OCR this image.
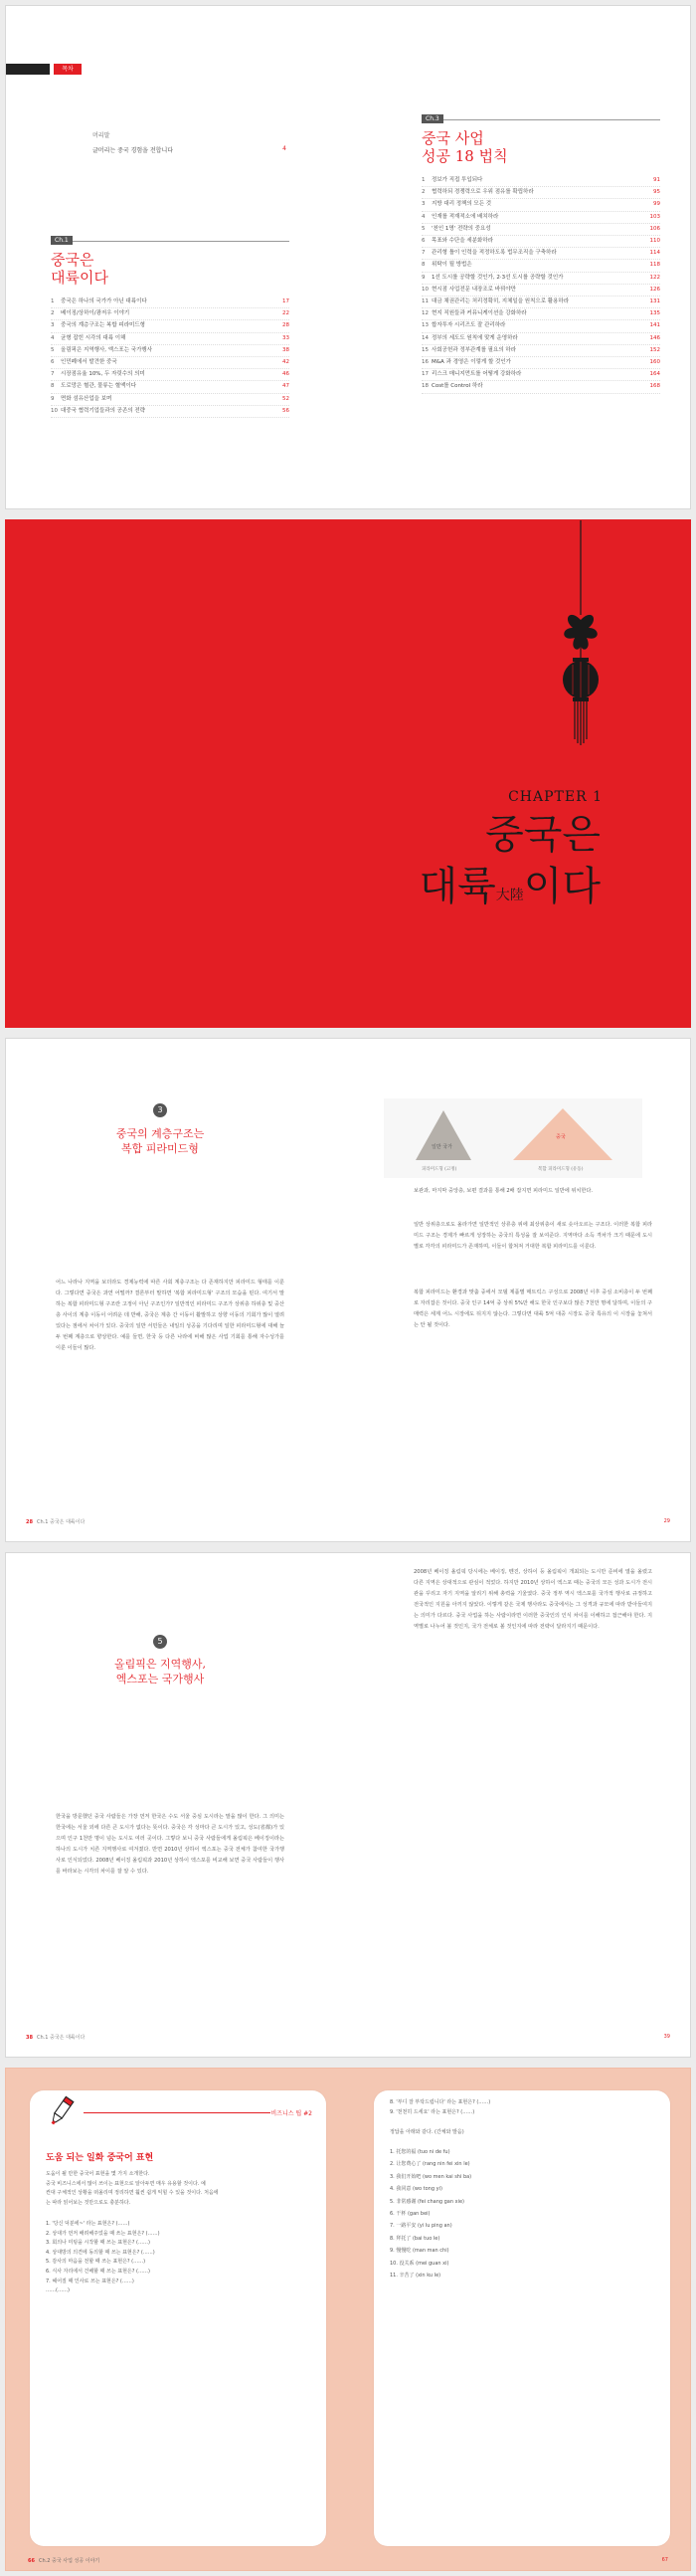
목차
머리말
글머리는 중국 경험을 전합니다	4
Ch.1
중국은
대륙이다
1	중국은 하나의 국가가 아닌 대륙이다	17
2	베이징/상하이/광저우 이야기	22
3	중국의 계층구조는 복합 피라미드형	28
4	균형 잡힌 시각의 대륙 이해	33
5	올림픽은 지역행사, 엑스포는 국가행사	38
6	인민폐에서 발견한 중국	42
7	시장점유율 10%, 두 자릿수의 의미	46
8	도로망은 혈관, 물류는 혈액이다	47
9	면화 섬유산업을 보며	52
10 대중국 협력기업들과의 공존의 전략	56
Ch.3
중국 사업
성공 18 법칙
1	정보가 직접 투입되다	91
2	협력하되 경쟁력으로 우위 점유를 확립하라	95
3	지방 대리 정책의 모든 것	99
4	인재를 적재적소에 배치하라	103
5	'천인 1명' 전략의 중요성	106
6	목표와 수단을 세분화하라	110
7	관리형 틀이 인력을 적정하도록 법무조직을 구축하라	114
8	위탁이 될 방법은	118
9	1선 도시를 공략할 것인가, 2·3선 도시를 공략할 것인가	122
10 현시점 사업전문 내장조로 바꿔야만	126
11 대금 채권관리는 처리정확히, 지체일을 원칙으로 활용하라	131
12 현지 직원들과 커뮤니케이션을 강화하라	135
13 합자투자 시리즈도 잘 관리하라	141
14 정부의 세도도 원칙에 맞게 운영하라	146
15 사회공헌과 정부관계를 필요의 하라	152
16 M&A 과 경영은 이렇게 할 것인가	160
17 리스크 매니지먼트를 어떻게 강화하라	164
18 Cost를 Control 하라	168
CHAPTER 1
중국은
대륙大陸이다
3
중국의 계층구조는
복합 피라미드형	일반 국가
중국
피라미드형 (고정)	복합 피라미드형 (유동)
어느 나라나 지역을 보더라도 경제능력에 따른 사회 계층구조는 다 존재하지만 피라미드 형태를 이룬다. 그렇다면 중국은 과연 어떨까? 결론부터 말하면 '복합 피라미드형' 구조의 모습을 띤다. 여기서 말하는 복합 피라미드형 구조란 고정이 아닌 구조인가? 일반적인 피라미드 구조가 상위층 하위층 및 중산층 사이의 계층 이동이 어려운 데 반해, 중국은 계층 간 이동이 활발하고 상향 이동의 기회가 많이 열려 있다는 점에서 차이가 있다. 중국의 일반 서민들은 내일의 성공을 기다리며 일한 피라미드형에 대해 늘 두 번째 계층으로 향상한다. 예를 들면, 한국 등 다른 나라에 비해 많은 사업 기회를 통해 자수성가를 이룬 이들이 많다.
보관과, 마지막 중앙층, 보편 결과를 통해 2배 잡지면 피라미드 일반에 위치한다.
일반 상위층으로도 올라가면 일반적인 상류층 위에 최상위층이 새로 솟아오르는 구조다. 이러한 복합 피라미드 구조는 경제가 빠르게 성장하는 중국의 특성을 잘 보여준다. 지역마다 소득 격차가 크기 때문에 도시별로 각각의 피라미드가 존재하며, 이들이 합쳐져 거대한 복합 피라미드를 이룬다.
복합 피라미드는 환경과 맞춤 중에서 모델 제품별 매트릭스 구성으로 2008년 이후 중심 소비층이 두 번째로 자리잡은 것이다. 중국 인구 14억 중 상위 5%만 해도 한국 인구보다 많은 7천만 명에 달하며, 이들의 구매력은 세계 어느 시장에도 뒤지지 않는다. 그렇다면 대륙 5억 대중 시장도 중국 특유의 이 시장을 놓쳐서는 안 될 것이다.
28 Ch.1 중국은 대륙이다	29
5
올림픽은 지역행사,
엑스포는 국가행사
한국을 방문했던 중국 사람들은 가장 먼저 한국은 수도 서울 중심 도시라는 말을 많이 한다. 그 의미는 한국에는 서울 외에 다른 큰 도시가 없다는 뜻이다. 중국은 각 성마다 큰 도시가 있고, 성도(省都)가 있으며 인구 1천만 명이 넘는 도시도 여러 곳이다. 그렇다 보니 중국 사람들에게 올림픽은 베이징이라는 하나의 도시가 치른 지역행사로 여겨졌다. 반면 2010년 상하이 엑스포는 중국 전체가 참여한 국가행사로 인식되었다. 2008년 베이징 올림픽과 2010년 상하이 엑스포를 비교해 보면 중국 사람들이 행사를 바라보는 시각의 차이를 잘 알 수 있다.
2008년 베이징 올림픽 당시에는 베이징, 톈진, 상하이 등 올림픽이 개최되는 도시만 준비에 열을 올렸고 다른 지역은 상대적으로 관심이 적었다. 하지만 2010년 상하이 엑스포 때는 중국의 모든 성과 도시가 전시관을 꾸리고 자기 지역을 알리기 위해 총력을 기울였다. 중국 정부 역시 엑스포를 국가적 행사로 규정하고 전국적인 지원을 아끼지 않았다. 이렇게 같은 국제 행사라도 중국에서는 그 성격과 규모에 따라 받아들여지는 의미가 다르다. 중국 사업을 하는 사람이라면 이러한 중국인의 인식 차이를 이해하고 접근해야 한다. 지역별로 나누어 볼 것인지, 국가 전체로 볼 것인지에 따라 전략이 달라지기 때문이다.
38 Ch.1 중국은 대륙이다	39
비즈니스 팁 #2
도움 되는 일화 중국어 표현
도움이 될 만한 중국어 표현을 몇 가지 소개한다.
중국 비즈니스에서 많이 쓰이는 표현으로 알아두면 매우 유용할 것이다. 예
컨대 구체적인 상황을 떠올리며 정리하면 훨씬 쉽게 익힐 수 있을 것이다. 처음에
는 따라 읽어보는 것만으로도 충분하다.
1. '당신 덕분에~' 라는 표현은? (……)
2. 상대가 먼저 배려해주었을 때 쓰는 표현은? (……)
3. 회의나 미팅을 시작할 때 쓰는 표현은? (……)
4. 상대방의 의견에 동의할 때 쓰는 표현은? (……)
5. 감사의 마음을 전할 때 쓰는 표현은? (……)
6. 식사 자리에서 건배할 때 쓰는 표현은? (……)
7. 헤어질 때 인사로 쓰는 표현은? (……)
……(……)
8. '부디 잘 부탁드립니다' 라는 표현은? (……)
9. '천천히 드세요' 라는 표현은? (……)
정답을 아래와 같다. (간체와 발음)
1. 托您的福 (tuo ni de fu)
2. 让您费心了 (rang nin fei xin le)
3. 我们开始吧 (wo men kai shi ba)
4. 我同意 (wo tong yi)
5. 非常感谢 (fei chang gan xie)
6. 干杯 (gan bei)
7. 一路平安 (yi lu ping an)
8. 拜托了 (bai tuo le)
9. 慢慢吃 (man man chi)
10. 没关系 (mei guan xi)
11. 辛苦了 (xin ku le)
66 Ch.2 중국 사업 성공 이야기	67
